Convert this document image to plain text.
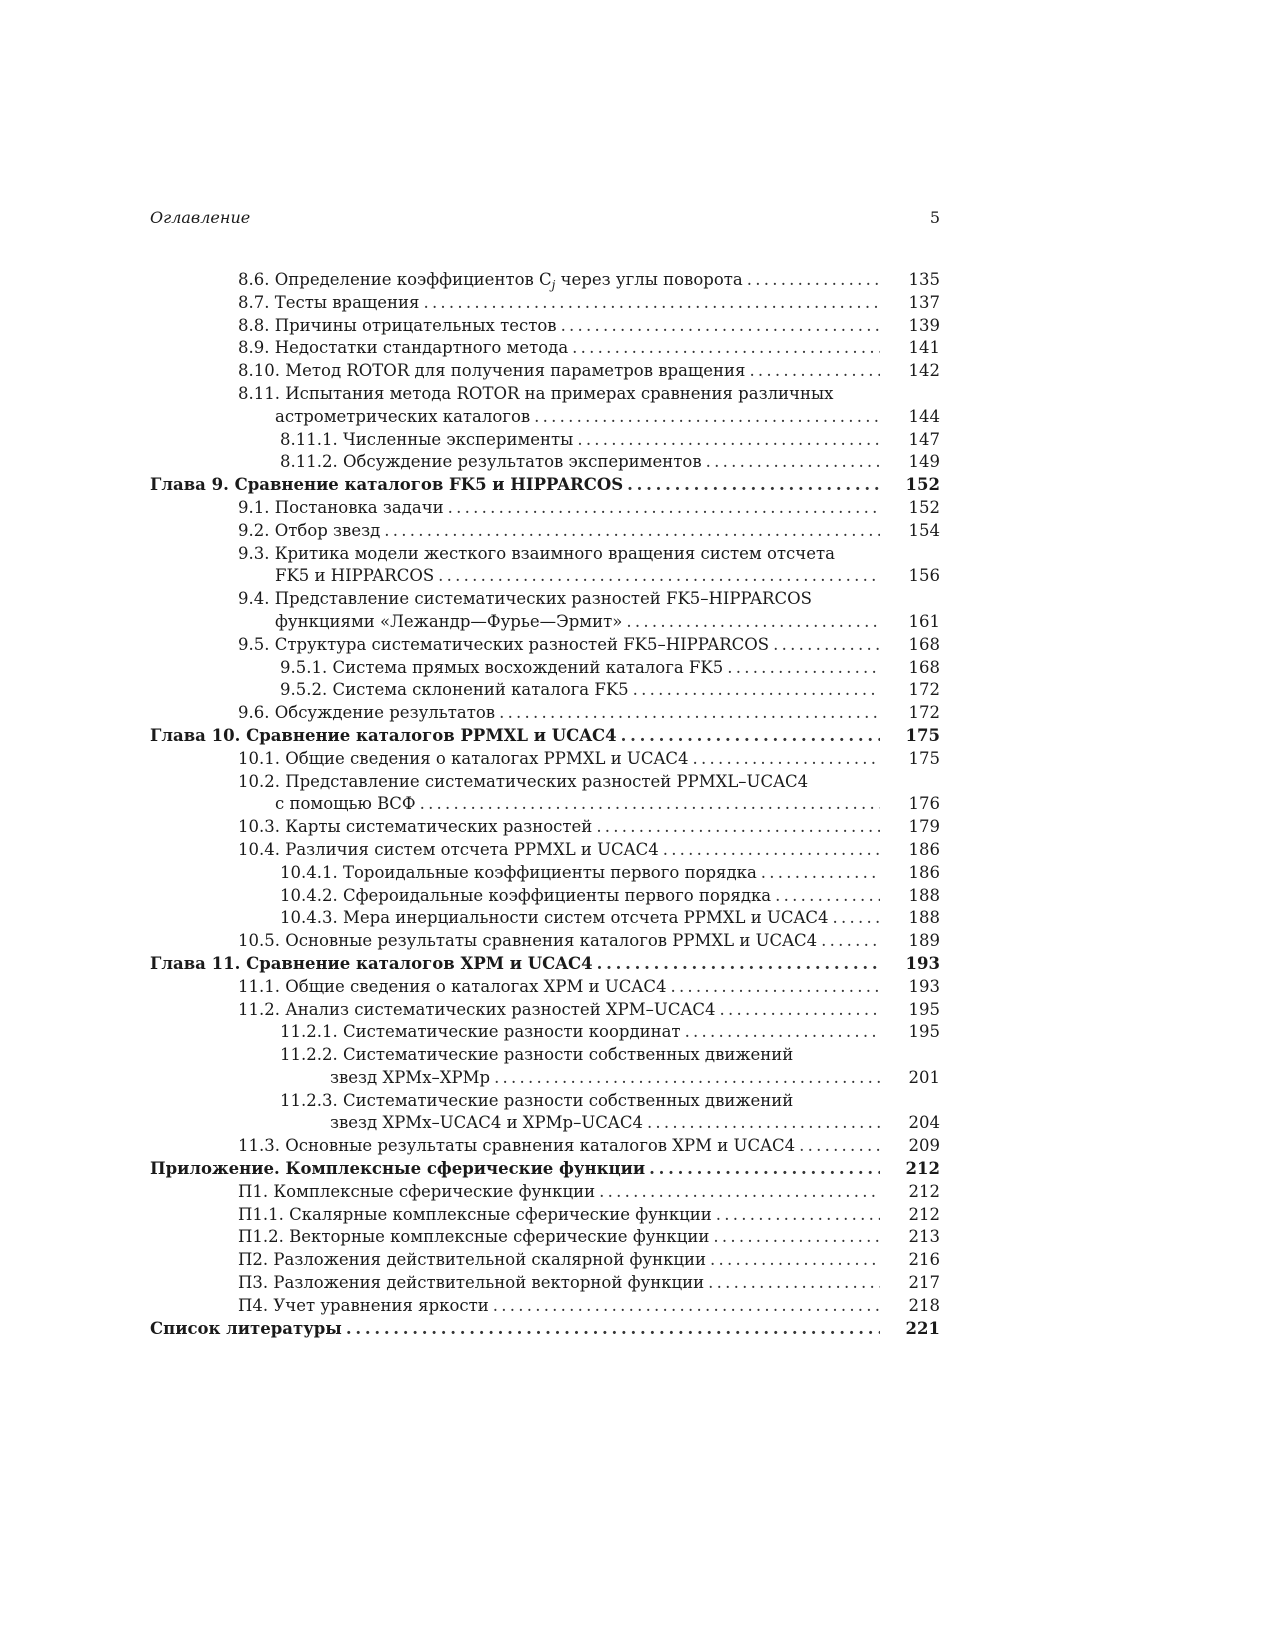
Оглавление	5
8.6. Определение коэффициентов $C_j$ через углы поворота . . .	135
8.7. Тесты вращения . . .	137
8.8. Причины отрицательных тестов . . .	139
8.9. Недостатки стандартного метода . . .	141
8.10. Метод ROTOR для получения параметров вращения . . .	142
8.11. Испытания метода ROTOR на примерах сравнения различных
астрометрических каталогов . . .	144
8.11.1. Численные эксперименты . . .	147
8.11.2. Обсуждение результатов экспериментов . . .	149
Глава 9. Сравнение каталогов FK5 и HIPPARCOS . . .	152
9.1. Постановка задачи . . .	152
9.2. Отбор звезд . . .	154
9.3. Критика модели жесткого взаимного вращения систем отсчета
FK5 и HIPPARCOS . . .	156
9.4. Представление систематических разностей FK5–HIPPARCOS
функциями «Лежандр—Фурье—Эрмит» . . .	161
9.5. Структура систематических разностей FK5–HIPPARCOS . . .	168
9.5.1. Система прямых восхождений каталога FK5 . . .	168
9.5.2. Система склонений каталога FK5 . . .	172
9.6. Обсуждение результатов . . .	172
Глава 10. Сравнение каталогов PPMXL и UCAC4 . . .	175
10.1. Общие сведения о каталогах PPMXL и UCAC4 . . .	175
10.2. Представление систематических разностей PPMXL–UCAC4
с помощью ВСФ . . .	176
10.3. Карты систематических разностей . . .	179
10.4. Различия систем отсчета PPMXL и UCAC4 . . .	186
10.4.1. Тороидальные коэффициенты первого порядка . . .	186
10.4.2. Сфероидальные коэффициенты первого порядка . . .	188
10.4.3. Мера инерциальности систем отсчета PPMXL и UCAC4 . . .	188
10.5. Основные результаты сравнения каталогов PPMXL и UCAC4 . . .	189
Глава 11. Сравнение каталогов XPM и UCAC4 . . .	193
11.1. Общие сведения о каталогах XPM и UCAC4 . . .	193
11.2. Анализ систематических разностей XPM–UCAC4 . . .	195
11.2.1. Систематические разности координат . . .	195
11.2.2. Систематические разности собственных движений
звезд XPMx–XPMp . . .	201
11.2.3. Систематические разности собственных движений
звезд XPMx–UCAC4 и XPMp–UCAC4 . . .	204
11.3. Основные результаты сравнения каталогов XPM и UCAC4 . . .	209
Приложение. Комплексные сферические функции . . .	212
П1. Комплексные сферические функции . . .	212
П1.1. Скалярные комплексные сферические функции . . .	212
П1.2. Векторные комплексные сферические функции . . .	213
П2. Разложения действительной скалярной функции . . .	216
П3. Разложения действительной векторной функции . . .	217
П4. Учет уравнения яркости . . .	218
Список литературы . . .	221
